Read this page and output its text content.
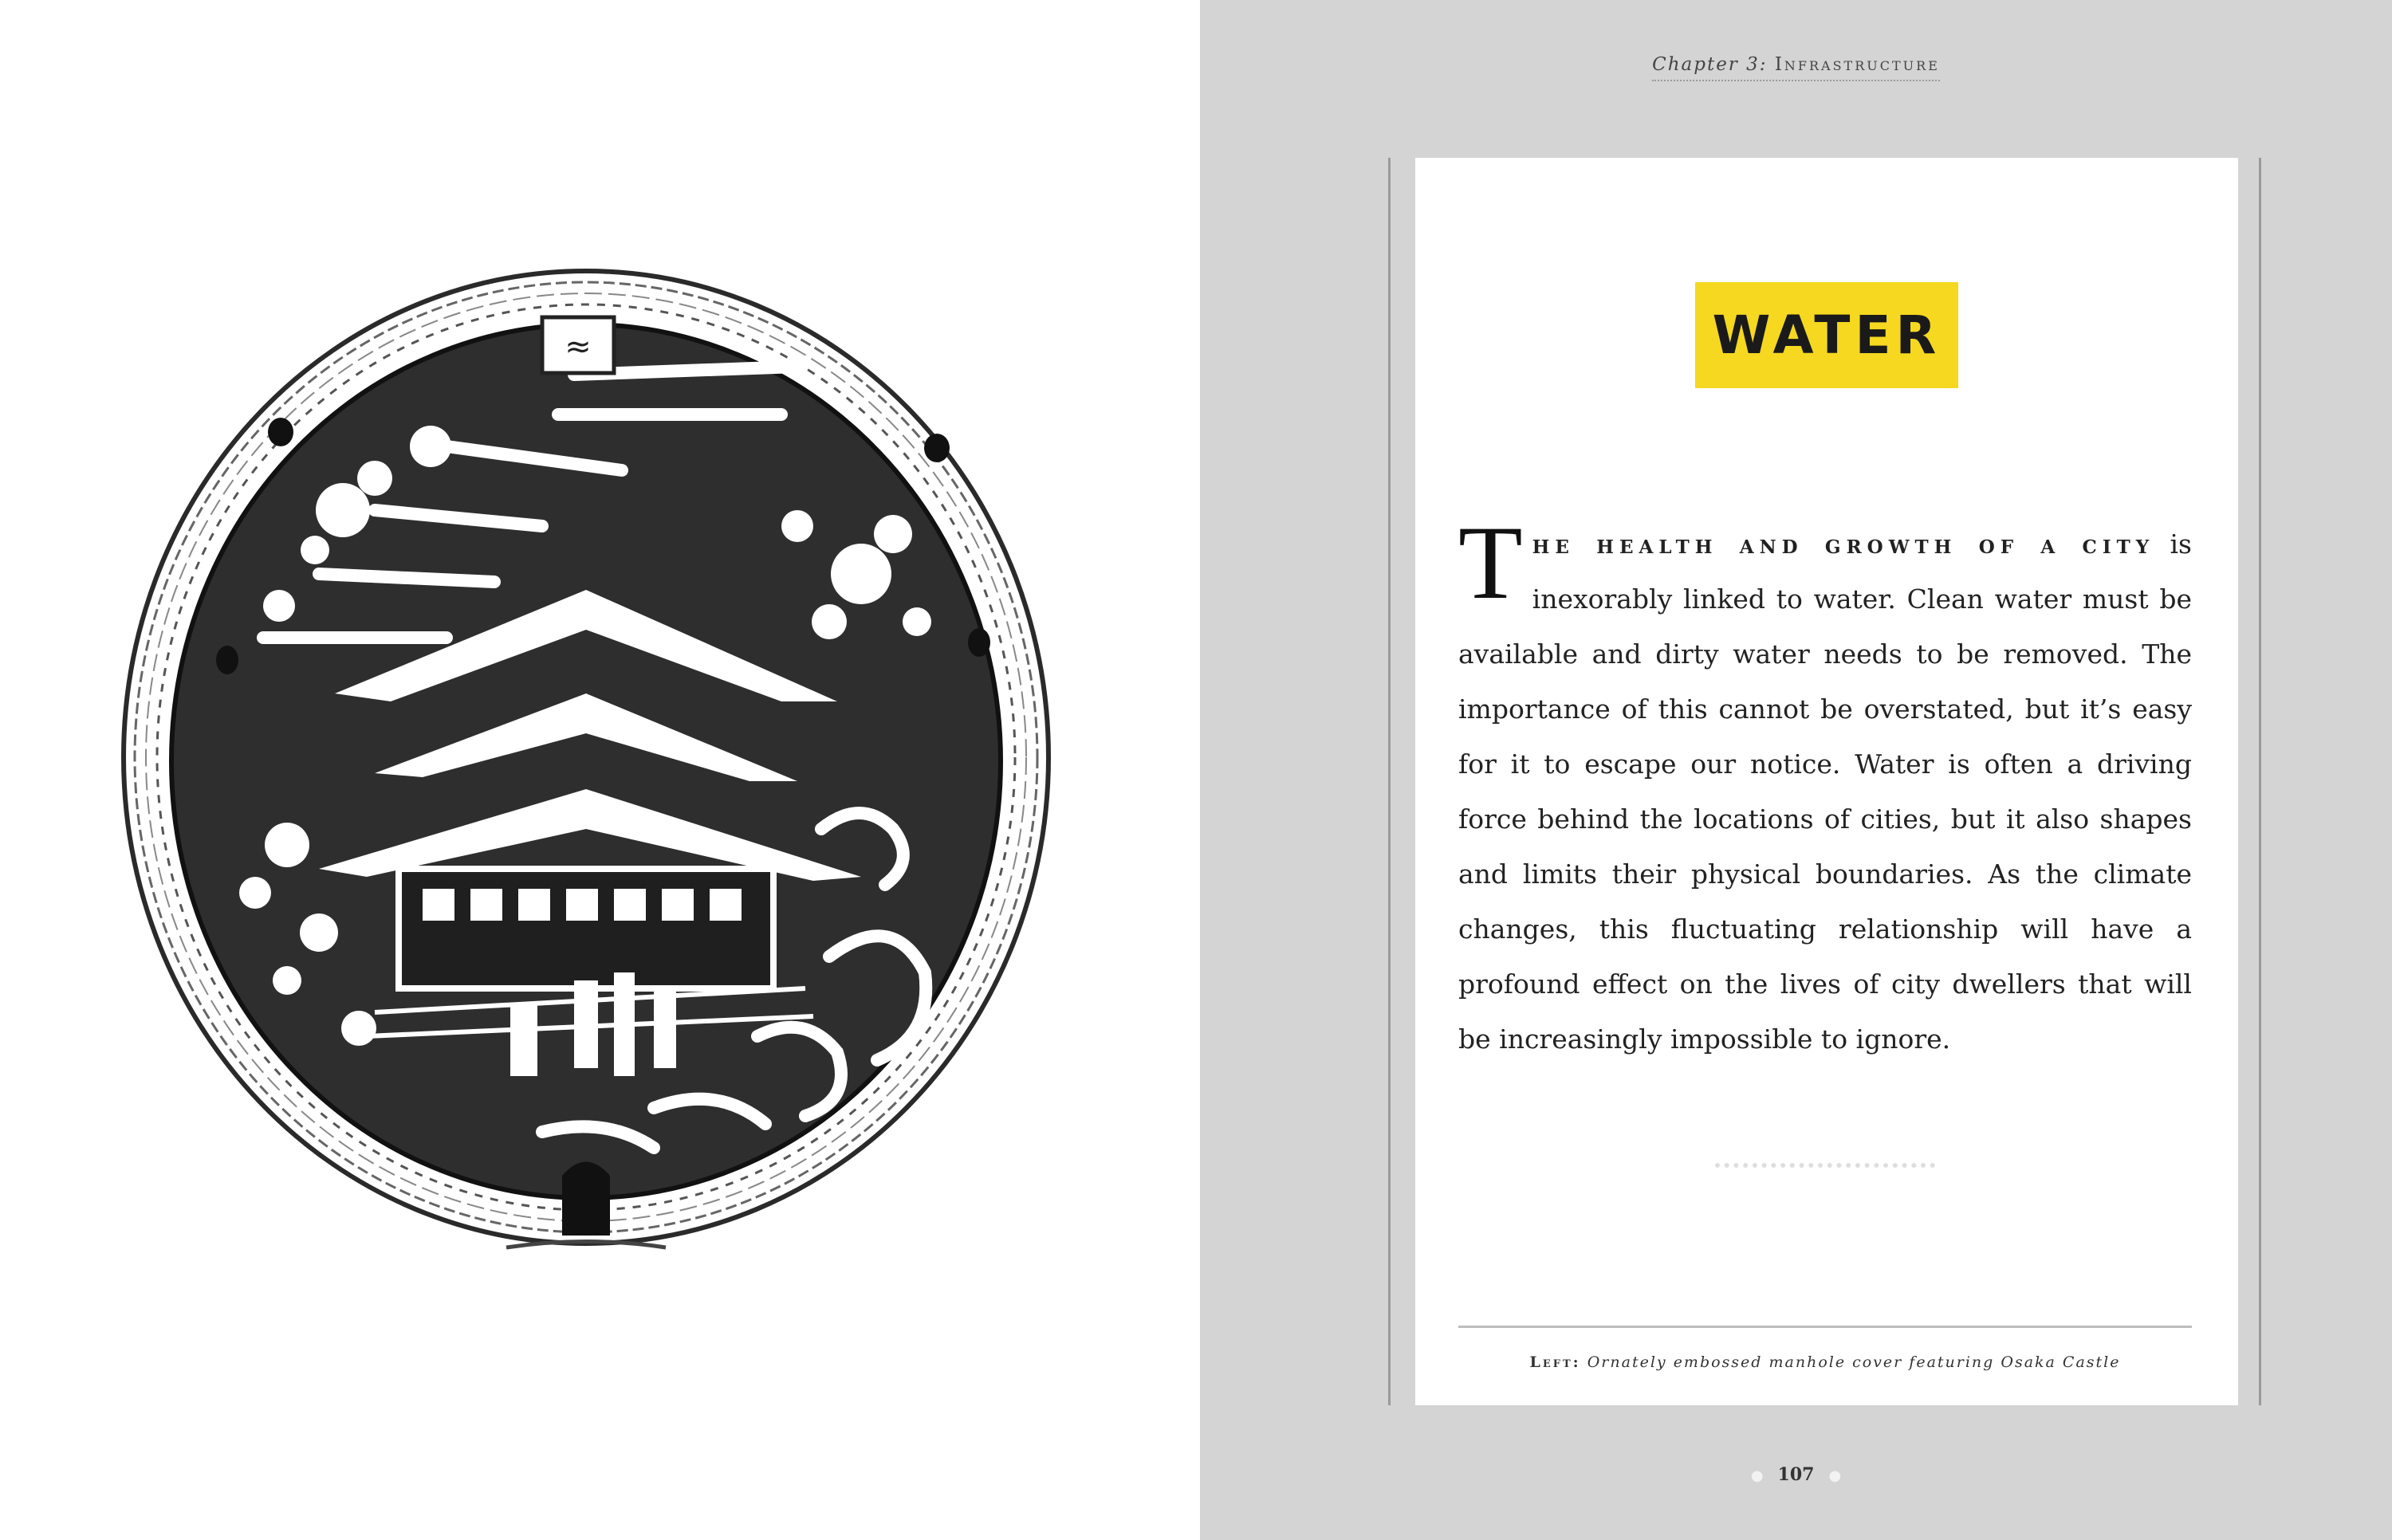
≈
Chapter 3: Infrastructure
WATER
The health and growth of a city is inexorably linked to water. Clean water must be available and dirty water needs to be removed. The importance of this cannot be overstated, but it’s easy for it to escape our notice. Water is often a driving force behind the locations of cities, but it also shapes and limits their physical boundaries. As the climate changes, this fluctuating relationship will have a profound effect on the lives of city dwellers that will be increasingly impossible to ignore.
Left: Ornately embossed manhole cover featuring Osaka Castle
● 107 ●
